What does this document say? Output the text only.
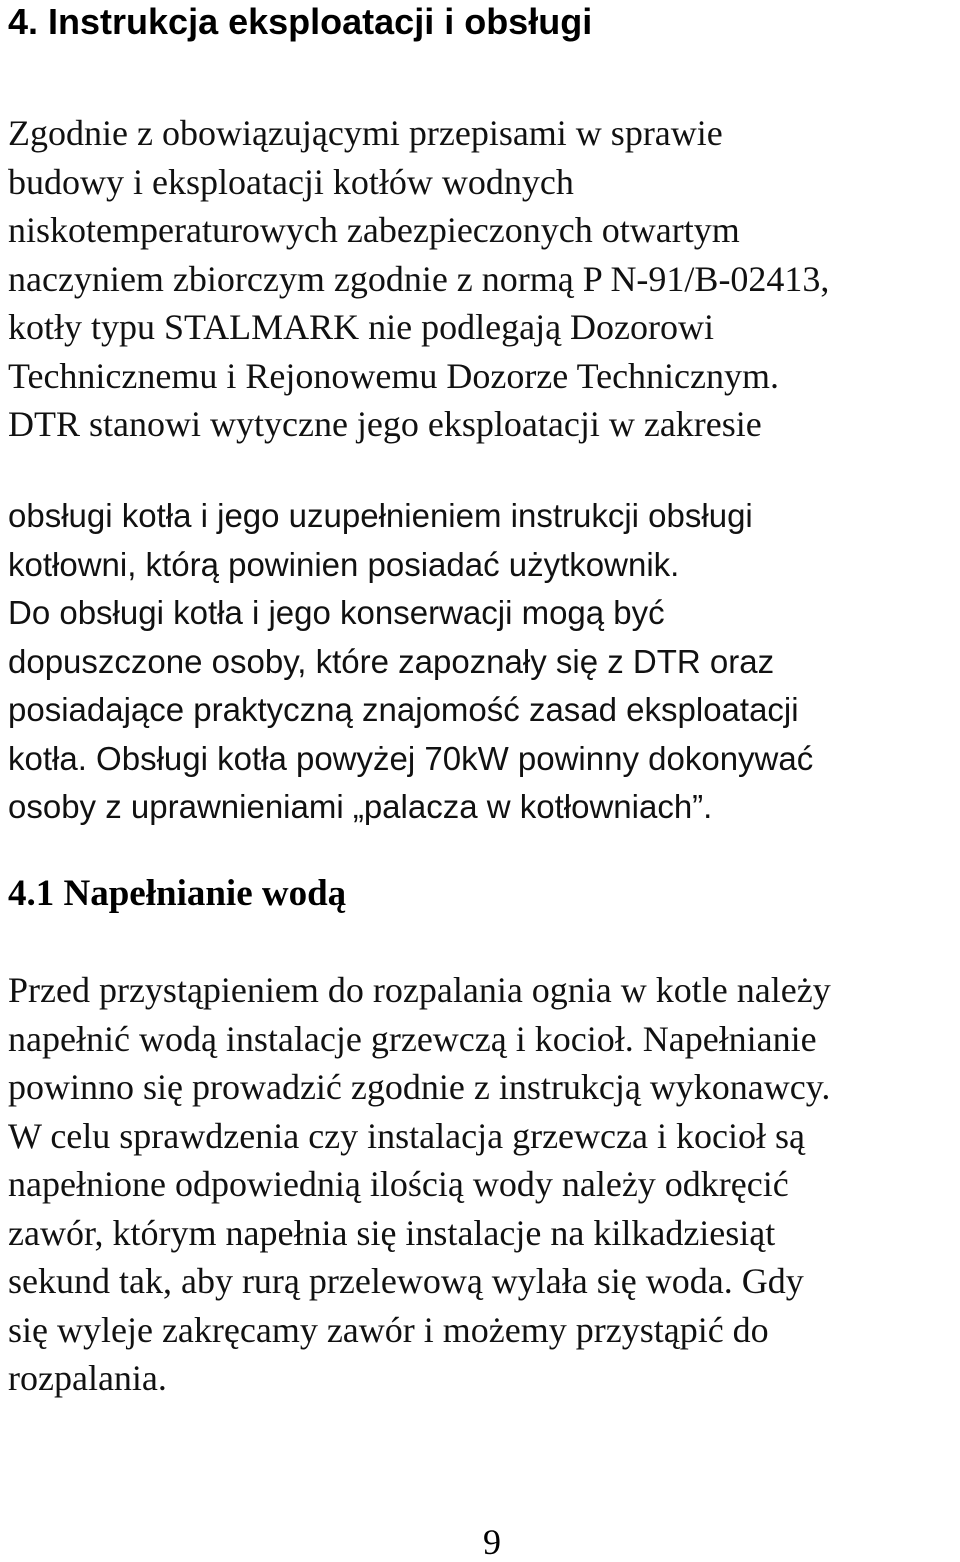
4. Instrukcja eksploatacji i obsługi

Zgodnie z obowiązującymi przepisami w sprawie
budowy i eksploatacji kotłów wodnych
niskotemperaturowych zabezpieczonych otwartym
naczyniem zbiorczym zgodnie z normą P N-91/B-02413,
kotły typu STALMARK nie podlegają Dozorowi
Technicznemu i Rejonowemu Dozorze Technicznym.
DTR stanowi wytyczne jego eksploatacji w zakresie

obsługi kotła i jego uzupełnieniem instrukcji obsługi
kotłowni, którą powinien posiadać użytkownik.
Do obsługi kotła i jego konserwacji mogą być
dopuszczone osoby, które zapoznały się z DTR oraz
posiadające praktyczną znajomość zasad eksploatacji
kotła. Obsługi kotła powyżej 70kW powinny dokonywać
osoby z uprawnieniami „palacza w kotłowniach”.

4.1 Napełnianie wodą

Przed przystąpieniem do rozpalania ognia w kotle należy
napełnić wodą instalacje grzewczą i kocioł. Napełnianie
powinno się prowadzić zgodnie z instrukcją wykonawcy.
W celu sprawdzenia czy instalacja grzewcza i kocioł są
napełnione odpowiednią ilością wody należy odkręcić
zawór, którym napełnia się instalacje na kilkadziesiąt
sekund tak, aby rurą przelewową wylała się woda. Gdy
się wyleje zakręcamy zawór i możemy przystąpić do
rozpalania.

9
